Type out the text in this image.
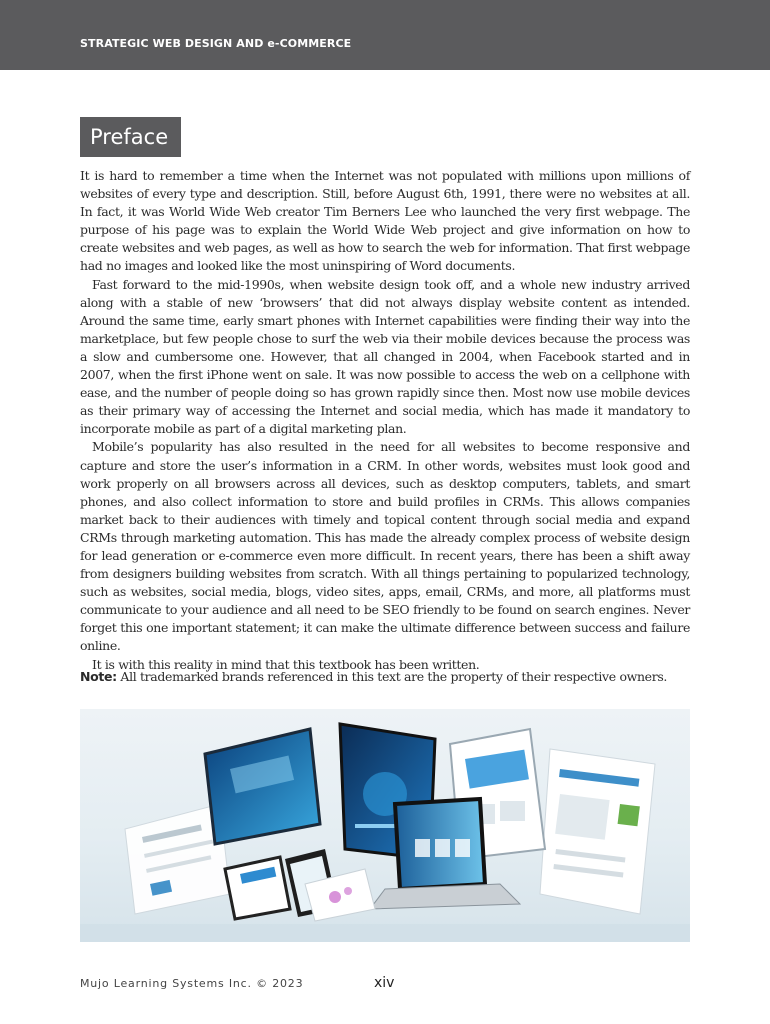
STRATEGIC WEB DESIGN AND e-COMMERCE
Preface

It is hard to remember a time when the Internet was not populated with millions upon millions of websites of every type and description. Still, before August 6th, 1991, there were no websites at all. In fact, it was World Wide Web creator Tim Berners Lee who launched the very first webpage. The purpose of his page was to explain the World Wide Web project and give information on how to create websites and web pages, as well as how to search the web for information. That first webpage had no images and looked like the most uninspiring of Word documents.

Fast forward to the mid-1990s, when website design took off, and a whole new industry arrived along with a stable of new ‘browsers’ that did not always display website content as intended. Around the same time, early smart phones with Internet capabilities were finding their way into the marketplace, but few people chose to surf the web via their mobile devices because the process was a slow and cumbersome one. However, that all changed in 2004, when Facebook started and in 2007, when the first iPhone went on sale. It was now possible to access the web on a cellphone with ease, and the number of people doing so has grown rapidly since then. Most now use mobile devices as their primary way of accessing the Internet and social media, which has made it mandatory to incorporate mobile as part of a digital marketing plan.

Mobile’s popularity has also resulted in the need for all websites to become responsive and capture and store the user’s information in a CRM. In other words, websites must look good and work properly on all browsers across all devices, such as desktop computers, tablets, and smart phones, and also collect information to store and build profiles in CRMs. This allows companies market back to their audiences with timely and topical content through social media and expand CRMs through marketing automation. This has made the already complex process of website design for lead generation or e-commerce even more difficult. In recent years, there has been a shift away from designers building websites from scratch. With all things pertaining to popularized technology, such as websites, social media, blogs, video sites, apps, email, CRMs, and more, all platforms must communicate to your audience and all need to be SEO friendly to be found on search engines. Never forget this one important statement; it can make the ultimate difference between success and failure online.

It is with this reality in mind that this textbook has been written.

Note: All trademarked brands referenced in this text are the property of their respective owners.
Mujo Learning Systems Inc. © 2023	xiv
